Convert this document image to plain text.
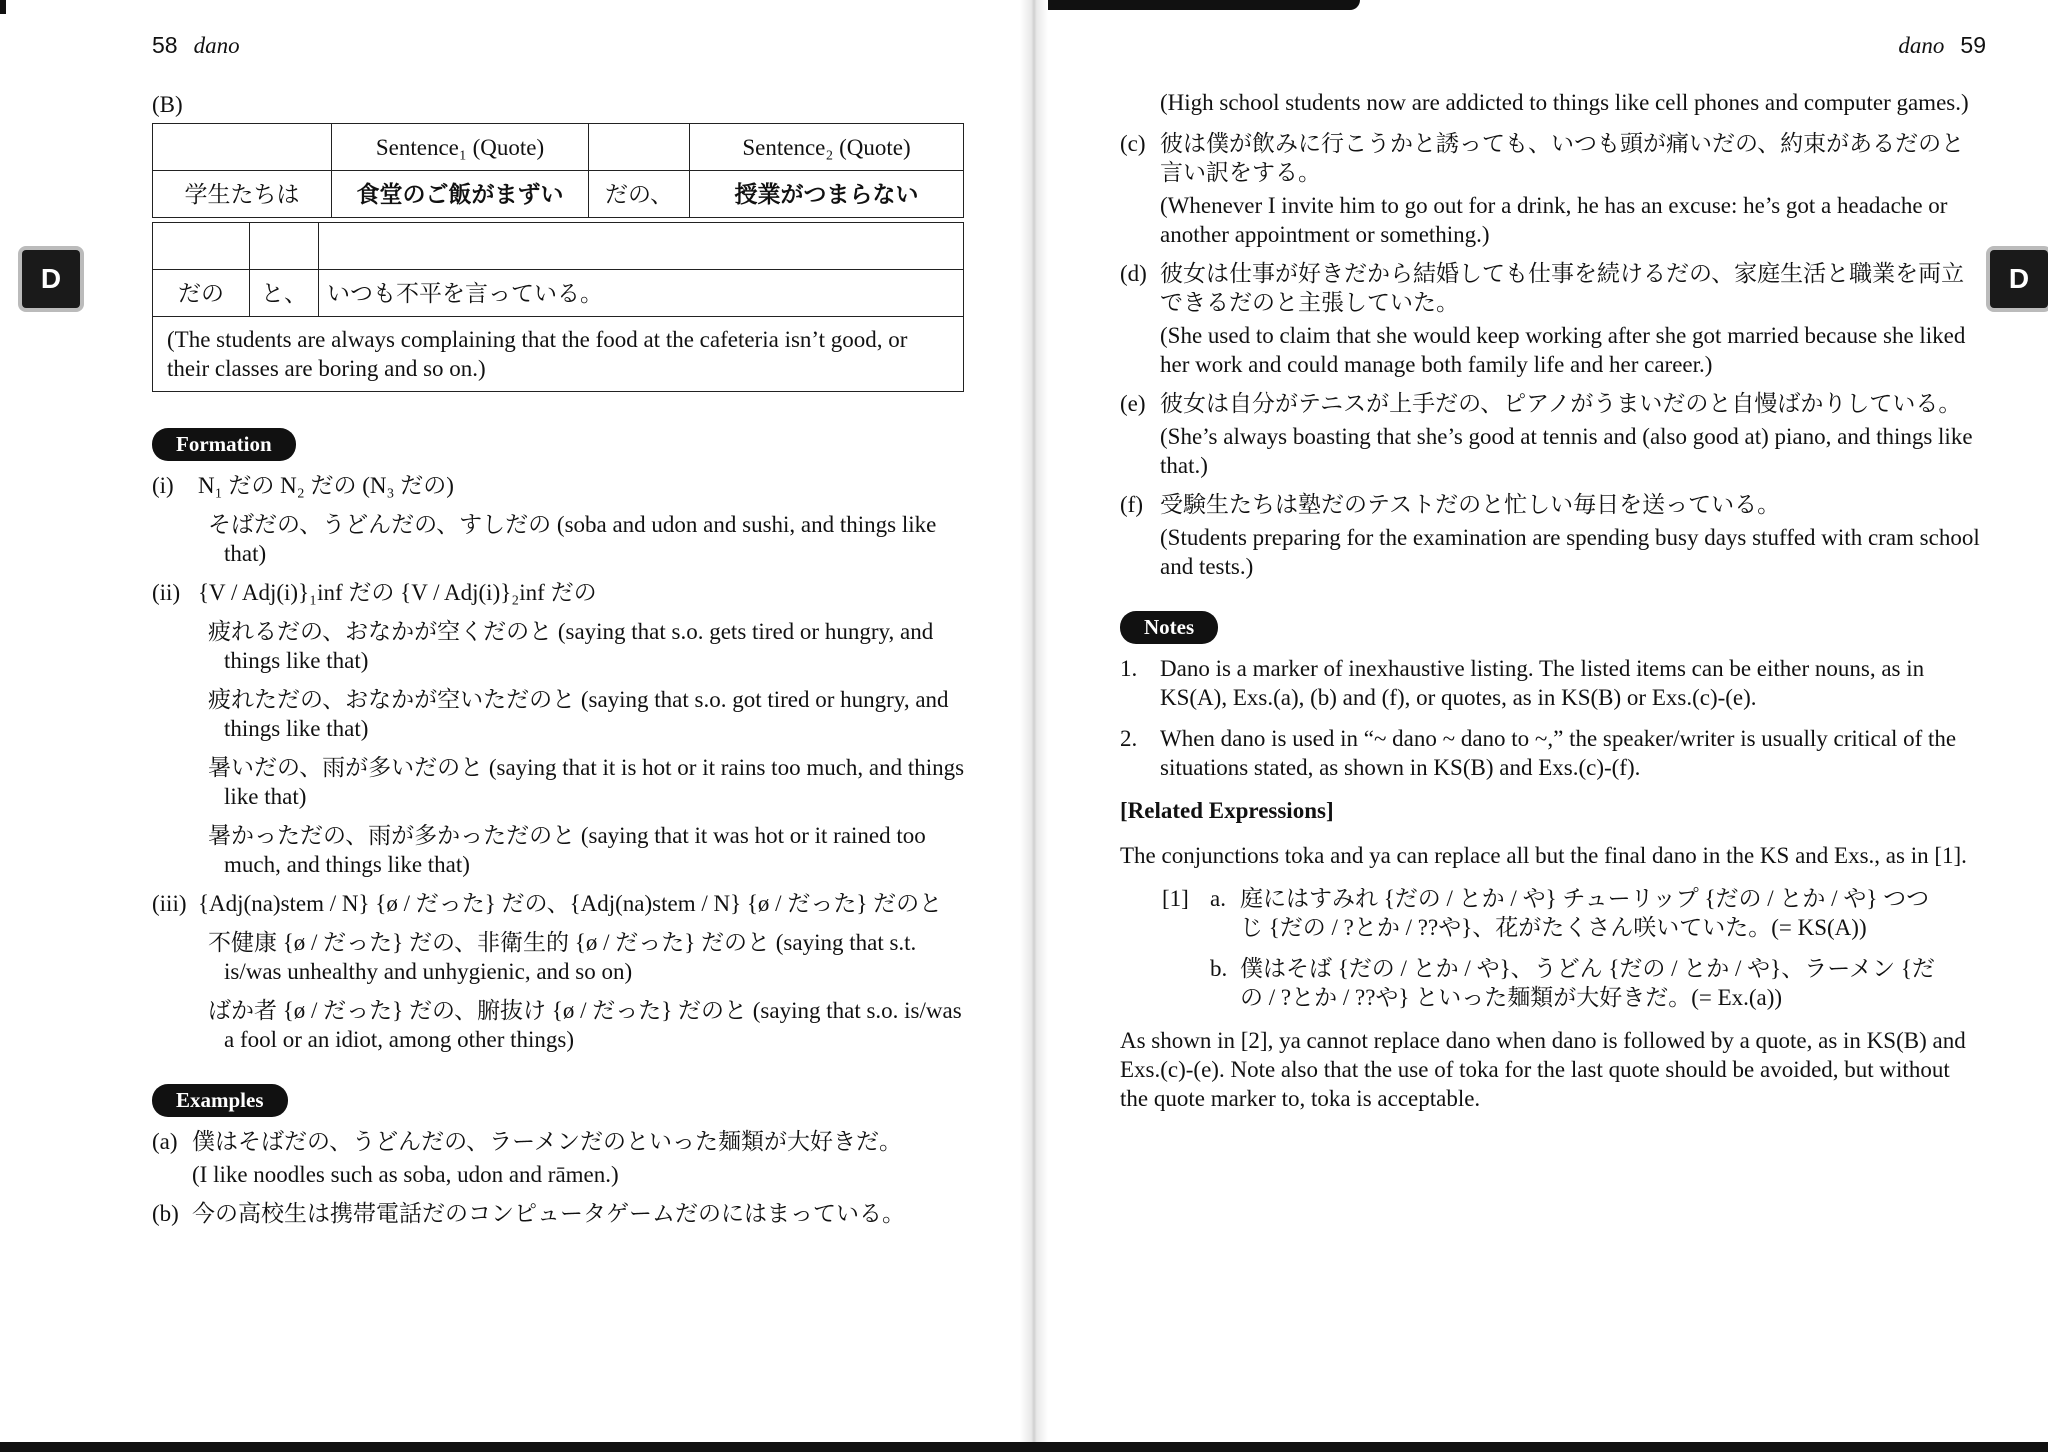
58 dano
D

(B)

	Sentence₁ (Quote)		Sentence₂ (Quote)
学生たちは	食堂のご飯がまずい	だの、	授業がつまらない

だの	と、	いつも不平を言っている。
(The students are always complaining that the food at the cafeteria isn’t good, or their classes are boring and so on.)		
Formation
(i)	N₁ だの N₂ だの (N₃ だの)

そばだの、うどんだの、すしだの (soba and udon and sushi, and things like that)

(ii) {V / Adj(i)}₁inf だの {V / Adj(i)}₂inf だの

疲れるだの、おなかが空くだのと (saying that s.o. gets tired or hungry, and things like that)

疲れただの、おなかが空いただのと (saying that s.o. got tired or hungry, and things like that)

暑いだの、雨が多いだのと (saying that it is hot or it rains too much, and things like that)

暑かっただの、雨が多かっただのと (saying that it was hot or it rained too much, and things like that)

(iii) {Adj(na)stem / N} {ø / だった} だの、{Adj(na)stem / N} {ø / だった} だのと

不健康 {ø / だった} だの、非衛生的 {ø / だった} だのと (saying that s.t. is/was unhealthy and unhygienic, and so on)

ばか者 {ø / だった} だの、腑抜け {ø / だった} だのと (saying that s.o. is/was a fool or an idiot, among other things)

Examples
(a) 僕はそばだの、うどんだの、ラーメンだのといった麺類が大好きだ。

(I like noodles such as soba, udon and rāmen.)

(b) 今の高校生は携帯電話だのコンピュータゲームだのにはまっている。

dano 59
D

(High school students now are addicted to things like cell phones and computer games.)

(c) 彼は僕が飲みに行こうかと誘っても、いつも頭が痛いだの、約束があるだのと言い訳をする。

(Whenever I invite him to go out for a drink, he has an excuse: he’s got a headache or another appointment or something.)

(d) 彼女は仕事が好きだから結婚しても仕事を続けるだの、家庭生活と職業を両立できるだのと主張していた。

(She used to claim that she would keep working after she got married because she liked her work and could manage both family life and her career.)

(e) 彼女は自分がテニスが上手だの、ピアノがうまいだのと自慢ばかりしている。

(She’s always boasting that she’s good at tennis and (also good at) piano, and things like that.)

(f) 受験生たちは塾だのテストだのと忙しい毎日を送っている。

(Students preparing for the examination are spending busy days stuffed with cram school and tests.)

Notes
1. Dano is a marker of inexhaustive listing. The listed items can be either nouns, as in KS(A), Exs.(a), (b) and (f), or quotes, as in KS(B) or Exs.(c)-(e).

2. When dano is used in “~ dano ~ dano to ~,” the speaker/writer is usually critical of the situations stated, as shown in KS(B) and Exs.(c)-(f).

[Related Expressions]

The conjunctions toka and ya can replace all but the final dano in the KS and Exs., as in [1].

[1] a. 庭にはすみれ {だの / とか / や} チューリップ {だの / とか / や} つつ

じ {だの / ?とか / ??や}、花がたくさん咲いていた。(= KS(A))

b. 僕はそば {だの / とか / や}、うどん {だの / とか / や}、ラーメン {だ

の / ?とか / ??や} といった麺類が大好きだ。(= Ex.(a))

As shown in [2], ya cannot replace dano when dano is followed by a quote, as in KS(B) and Exs.(c)-(e). Note also that the use of toka for the last quote should be avoided, but without the quote marker to, toka is acceptable.
